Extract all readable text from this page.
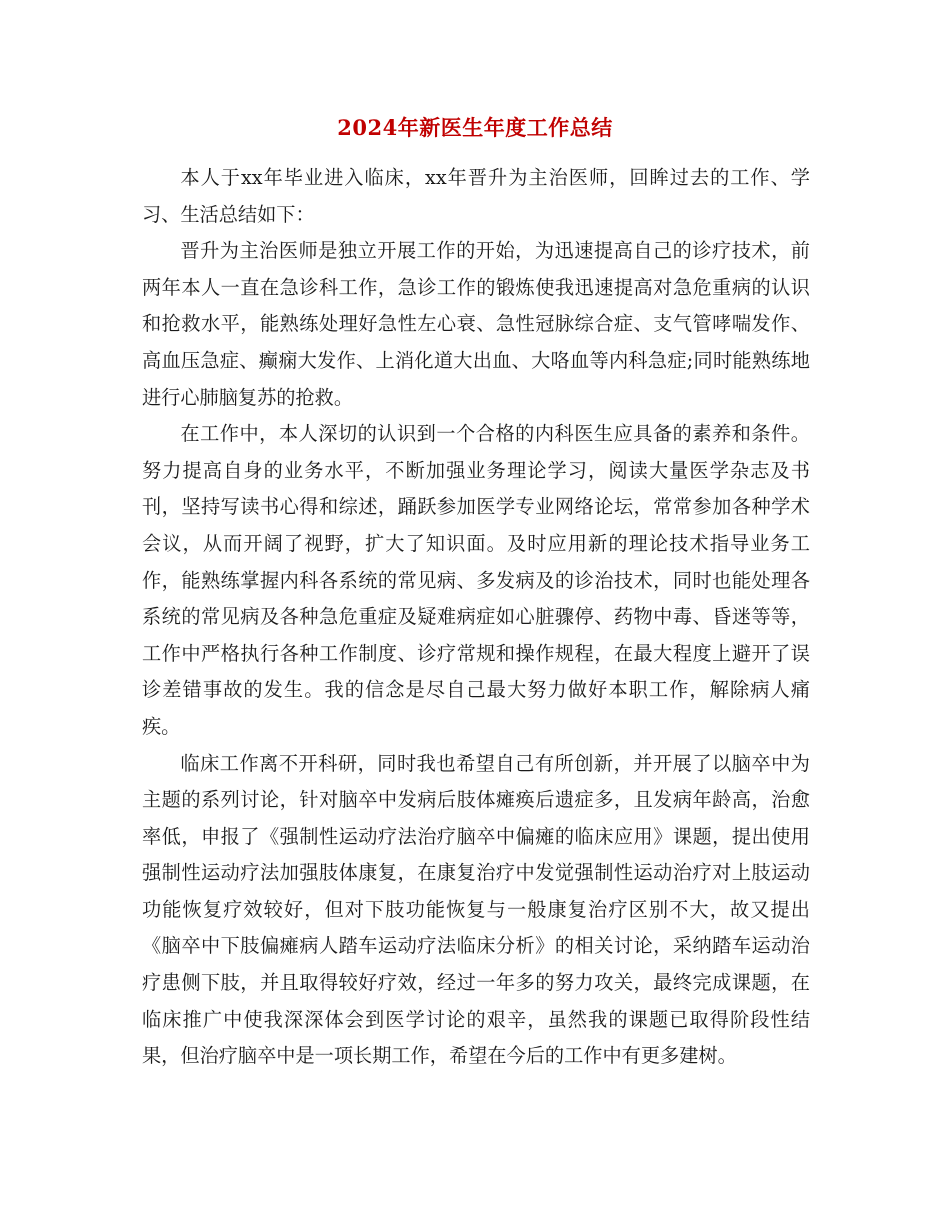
2024年新医生年度工作总结

本人于xx年毕业进入临床，xx年晋升为主治医师，回眸过去的工作、学习、生活总结如下：

晋升为主治医师是独立开展工作的开始，为迅速提高自己的诊疗技术，前两年本人一直在急诊科工作，急诊工作的锻炼使我迅速提高对急危重病的认识和抢救水平，能熟练处理好急性左心衰、急性冠脉综合症、支气管哮喘发作、高血压急症、癫痫大发作、上消化道大出血、大咯血等内科急症;同时能熟练地进行心肺脑复苏的抢救。

在工作中，本人深切的认识到一个合格的内科医生应具备的素养和条件。努力提高自身的业务水平，不断加强业务理论学习，阅读大量医学杂志及书刊，坚持写读书心得和综述，踊跃参加医学专业网络论坛，常常参加各种学术会议，从而开阔了视野，扩大了知识面。及时应用新的理论技术指导业务工作，能熟练掌握内科各系统的常见病、多发病及的诊治技术，同时也能处理各系统的常见病及各种急危重症及疑难病症如心脏骤停、药物中毒、昏迷等等，工作中严格执行各种工作制度、诊疗常规和操作规程，在最大程度上避开了误诊差错事故的发生。我的信念是尽自己最大努力做好本职工作，解除病人痛疾。

临床工作离不开科研，同时我也希望自己有所创新，并开展了以脑卒中为主题的系列讨论，针对脑卒中发病后肢体瘫痪后遗症多，且发病年龄高，治愈率低，申报了《强制性运动疗法治疗脑卒中偏瘫的临床应用》课题，提出使用强制性运动疗法加强肢体康复，在康复治疗中发觉强制性运动治疗对上肢运动功能恢复疗效较好，但对下肢功能恢复与一般康复治疗区别不大，故又提出《脑卒中下肢偏瘫病人踏车运动疗法临床分析》的相关讨论，采纳踏车运动治疗患侧下肢，并且取得较好疗效，经过一年多的努力攻关，最终完成课题，在临床推广中使我深深体会到医学讨论的艰辛，虽然我的课题已取得阶段性结果，但治疗脑卒中是一项长期工作，希望在今后的工作中有更多建树。
